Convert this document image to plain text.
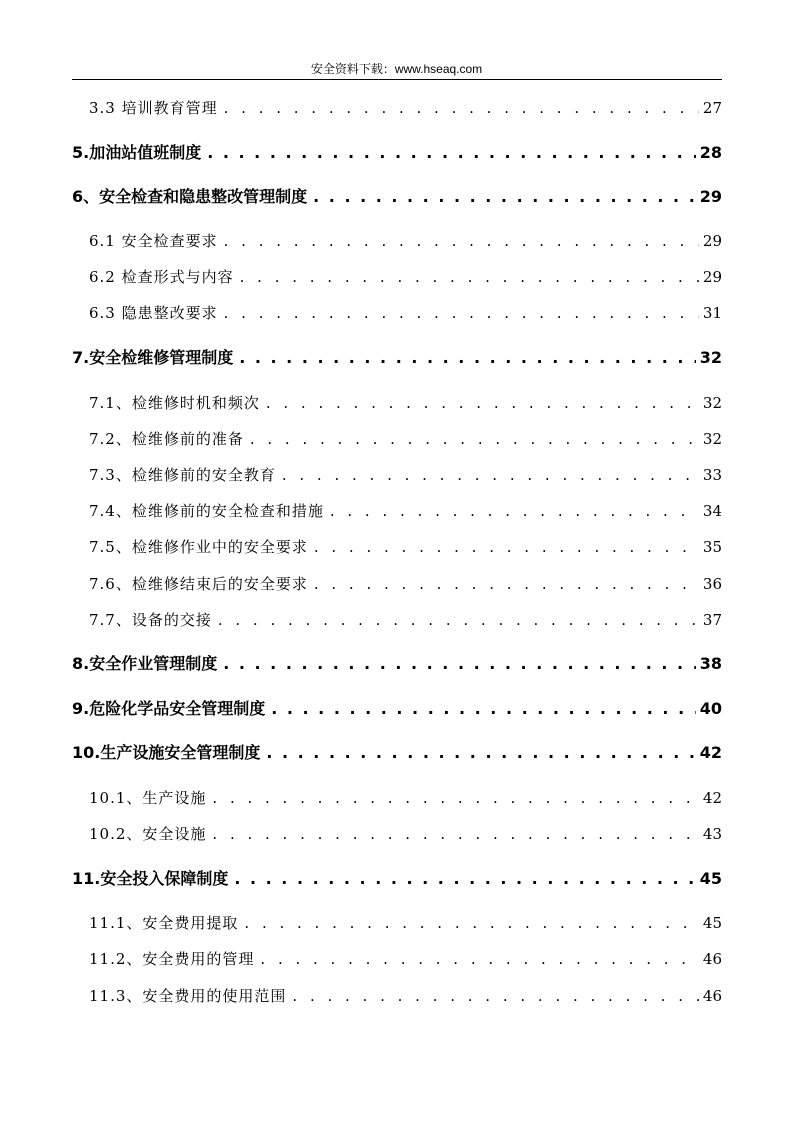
安全资料下载：www.hseaq.com
3.3 培训教育管理 . . .	27
5.加油站值班制度 . . .	28
6、安全检查和隐患整改管理制度 . . .	29
6.1 安全检查要求 . . .	29
6.2 检查形式与内容 . . .	29
6.3 隐患整改要求 . . .	31
7.安全检维修管理制度 . . .	32
7.1、检维修时机和频次 . . .	32
7.2、检维修前的准备 . . .	32
7.3、检维修前的安全教育 . . .	33
7.4、检维修前的安全检查和措施 . . .	34
7.5、检维修作业中的安全要求 . . .	35
7.6、检维修结束后的安全要求 . . .	36
7.7、设备的交接 . . .	37
8.安全作业管理制度 . . .	38
9.危险化学品安全管理制度 . . .	40
10.生产设施安全管理制度 . . .	42
10.1、生产设施 . . .	42
10.2、安全设施 . . .	43
11.安全投入保障制度 . . .	45
11.1、安全费用提取 . . .	45
11.2、安全费用的管理 . . .	46
11.3、安全费用的使用范围 . . .	46
